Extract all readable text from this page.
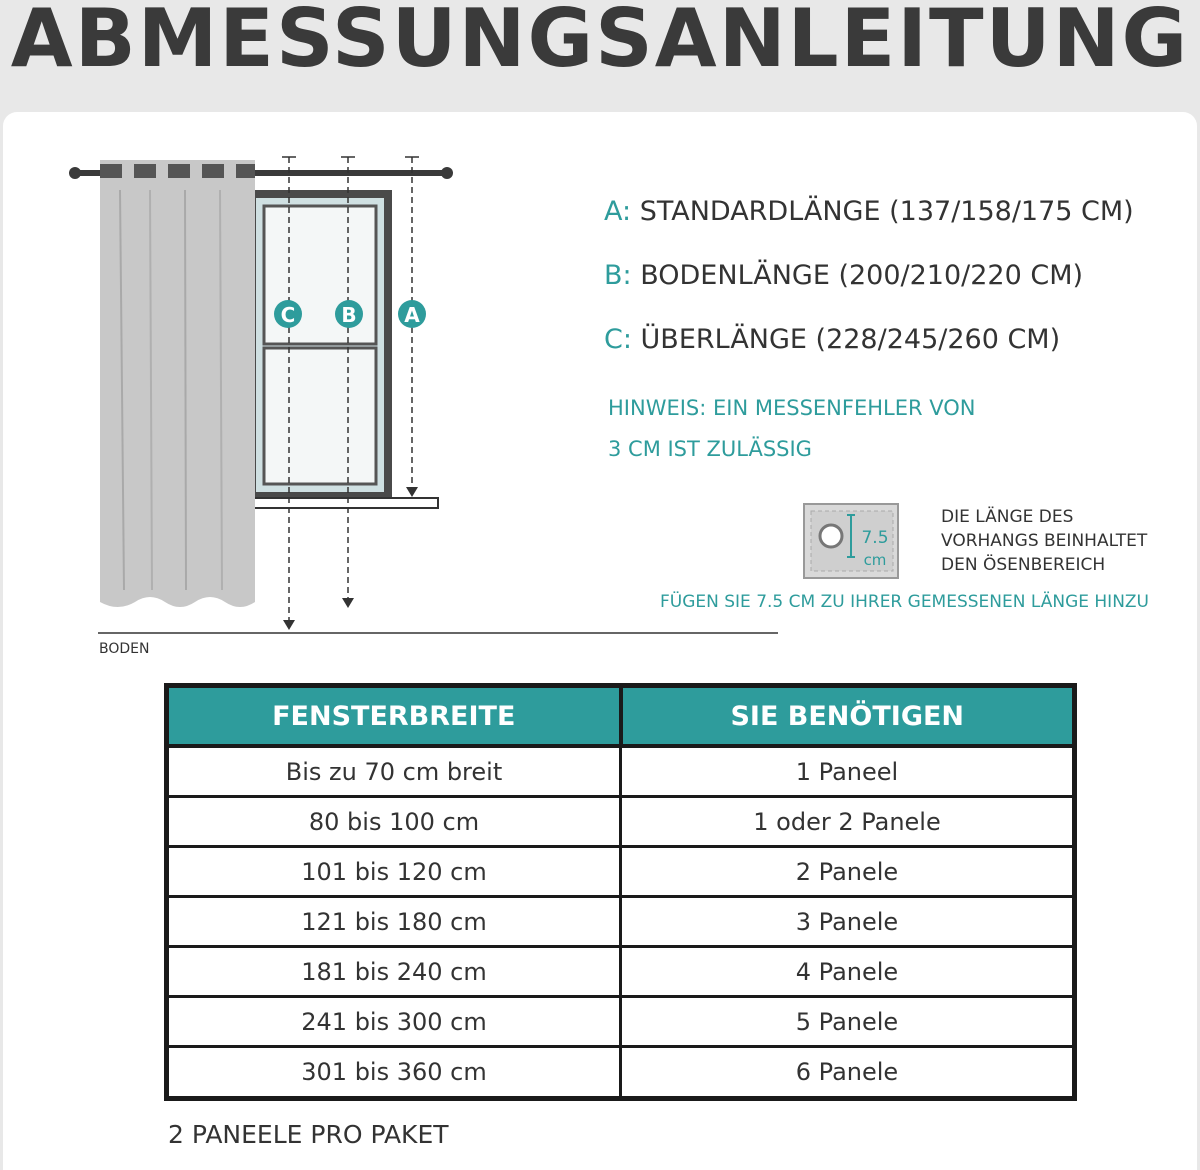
ABMESSUNGSANLEITUNG
C B A
BODEN
A: STANDARDLÄNGE (137/158/175 CM)
B: BODENLÄNGE (200/210/220 CM)
C: ÜBERLÄNGE (228/245/260 CM)
HINWEIS: EIN MESSENFEHLER VON
3 CM IST ZULÄSSIG
7.5
cm
DIE LÄNGE DES
VORHANGS BEINHALTET
DEN ÖSENBEREICH
FÜGEN SIE 7.5 CM ZU IHRER GEMESSENEN LÄNGE HINZU
FENSTERBREITE	SIE BENÖTIGEN
Bis zu 70 cm breit	1 Paneel
80 bis 100 cm	1 oder 2 Panele
101 bis 120 cm	2 Panele
121 bis 180 cm	3 Panele
181 bis 240 cm	4 Panele
241 bis 300 cm	5 Panele
301 bis 360 cm	6 Panele
2 PANEELE PRO PAKET
